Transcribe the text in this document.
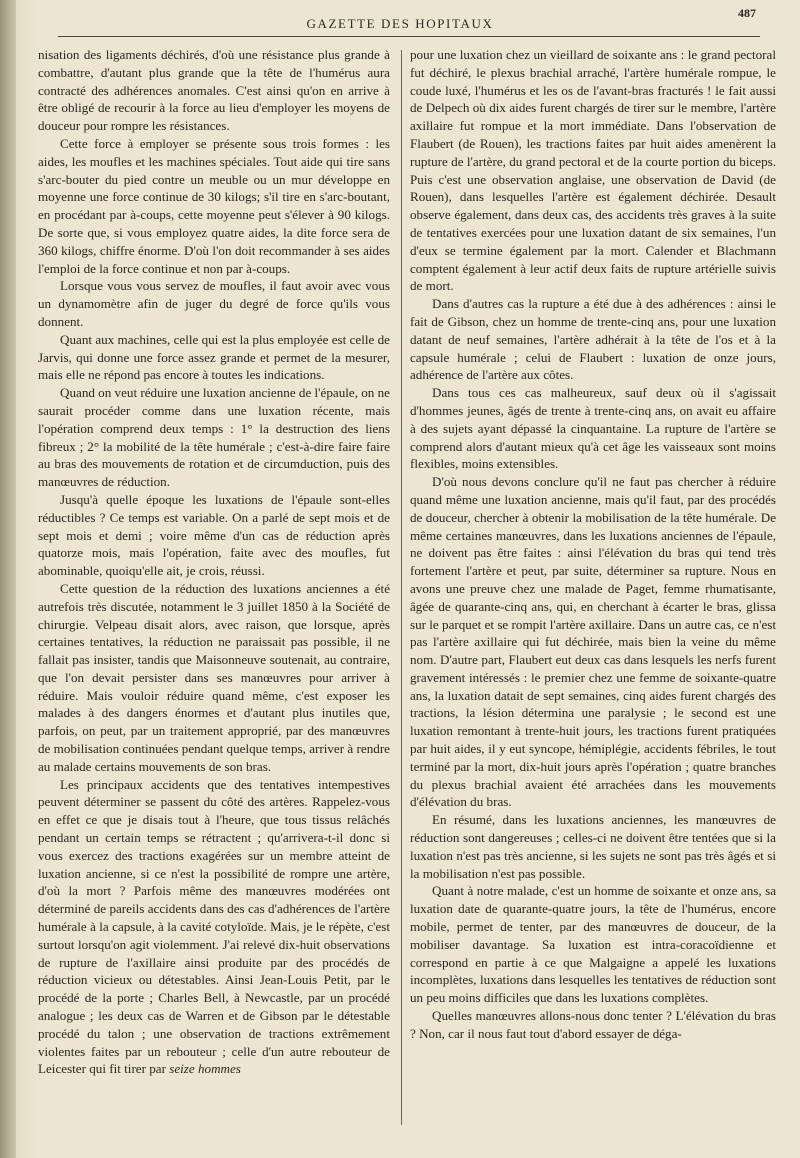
GAZETTE DES HOPITAUX
487

nisation des ligaments déchirés, d'où une résistance plus grande à combattre, d'autant plus grande que la tête de l'humérus aura contracté des adhérences anomales. C'est ainsi qu'on en arrive à être obligé de recourir à la force au lieu d'employer les moyens de douceur pour rompre les résistances.

Cette force à employer se présente sous trois formes : les aides, les moufles et les machines spéciales. Tout aide qui tire sans s'arc-bouter du pied contre un meuble ou un mur développe en moyenne une force continue de 30 kilogs; s'il tire en s'arc-boutant, en procédant par à-coups, cette moyenne peut s'élever à 90 kilogs. De sorte que, si vous employez quatre aides, la dite force sera de 360 kilogs, chiffre énorme. D'où l'on doit recommander à ses aides l'emploi de la force continue et non par à-coups.

Lorsque vous vous servez de moufles, il faut avoir avec vous un dynamomètre afin de juger du degré de force qu'ils vous donnent.

Quant aux machines, celle qui est la plus employée est celle de Jarvis, qui donne une force assez grande et permet de la mesurer, mais elle ne répond pas encore à toutes les indications.

Quand on veut réduire une luxation ancienne de l'épaule, on ne saurait procéder comme dans une luxation récente, mais l'opération comprend deux temps : 1° la destruction des liens fibreux ; 2° la mobilité de la tête humérale ; c'est-à-dire faire faire au bras des mouvements de rotation et de circumduction, puis des manœuvres de réduction.

Jusqu'à quelle époque les luxations de l'épaule sont-elles réductibles ? Ce temps est variable. On a parlé de sept mois et de sept mois et demi ; voire même d'un cas de réduction après quatorze mois, mais l'opération, faite avec des moufles, fut abominable, quoiqu'elle ait, je crois, réussi.

Cette question de la réduction des luxations anciennes a été autrefois très discutée, notamment le 3 juillet 1850 à la Société de chirurgie. Velpeau disait alors, avec raison, que lorsque, après certaines tentatives, la réduction ne paraissait pas possible, il ne fallait pas insister, tandis que Maisonneuve soutenait, au contraire, que l'on devait persister dans ses manœuvres pour arriver à réduire. Mais vouloir réduire quand même, c'est exposer les malades à des dangers énormes et d'autant plus inutiles que, parfois, on peut, par un traitement approprié, par des manœuvres de mobilisation continuées pendant quelque temps, arriver à rendre au malade certains mouvements de son bras.

Les principaux accidents que des tentatives intempestives peuvent déterminer se passent du côté des artères. Rappelez-vous en effet ce que je disais tout à l'heure, que tous tissus relâchés pendant un certain temps se rétractent ; qu'arrivera-t-il donc si vous exercez des tractions exagérées sur un membre atteint de luxation ancienne, si ce n'est la possibilité de rompre une artère, d'où la mort ? Parfois même des manœuvres modérées ont déterminé de pareils accidents dans des cas d'adhérences de l'artère humérale à la capsule, à la cavité cotyloïde. Mais, je le répète, c'est surtout lorsqu'on agit violemment. J'ai relevé dix-huit observations de rupture de l'axillaire ainsi produite par des procédés de réduction vicieux ou détestables. Ainsi Jean-Louis Petit, par le procédé de la porte ; Charles Bell, à Newcastle, par un procédé analogue ; les deux cas de Warren et de Gibson par le détestable procédé du talon ; une observation de tractions extrêmement violentes faites par un rebouteur ; celle d'un autre rebouteur de Leicester qui fit tirer par seize hommes

pour une luxation chez un vieillard de soixante ans : le grand pectoral fut déchiré, le plexus brachial arraché, l'artère humérale rompue, le coude luxé, l'humérus et les os de l'avant-bras fracturés ! le fait aussi de Delpech où dix aides furent chargés de tirer sur le membre, l'artère axillaire fut rompue et la mort immédiate. Dans l'observation de Flaubert (de Rouen), les tractions faites par huit aides amenèrent la rupture de l'artère, du grand pectoral et de la courte portion du biceps. Puis c'est une observation anglaise, une observation de David (de Rouen), dans lesquelles l'artère est également déchirée. Desault observe également, dans deux cas, des accidents très graves à la suite de tentatives exercées pour une luxation datant de six semaines, l'un d'eux se termine également par la mort. Calender et Blachmann comptent également à leur actif deux faits de rupture artérielle suivis de mort.

Dans d'autres cas la rupture a été due à des adhérences : ainsi le fait de Gibson, chez un homme de trente-cinq ans, pour une luxation datant de neuf semaines, l'artère adhérait à la tête de l'os et à la capsule humérale ; celui de Flaubert : luxation de onze jours, adhérence de l'artère aux côtes.

Dans tous ces cas malheureux, sauf deux où il s'agissait d'hommes jeunes, âgés de trente à trente-cinq ans, on avait eu affaire à des sujets ayant dépassé la cinquantaine. La rupture de l'artère se comprend alors d'autant mieux qu'à cet âge les vaisseaux sont moins flexibles, moins extensibles.

D'où nous devons conclure qu'il ne faut pas chercher à réduire quand même une luxation ancienne, mais qu'il faut, par des procédés de douceur, chercher à obtenir la mobilisation de la tête humérale. De même certaines manœuvres, dans les luxations anciennes de l'épaule, ne doivent pas être faites : ainsi l'élévation du bras qui tend très fortement l'artère et peut, par suite, déterminer sa rupture. Nous en avons une preuve chez une malade de Paget, femme rhumatisante, âgée de quarante-cinq ans, qui, en cherchant à écarter le bras, glissa sur le parquet et se rompit l'artère axillaire. Dans un autre cas, ce n'est pas l'artère axillaire qui fut déchirée, mais bien la veine du même nom. D'autre part, Flaubert eut deux cas dans lesquels les nerfs furent gravement intéressés : le premier chez une femme de soixante-quatre ans, la luxation datait de sept semaines, cinq aides furent chargés des tractions, la lésion détermina une paralysie ; le second est une luxation remontant à trente-huit jours, les tractions furent pratiquées par huit aides, il y eut syncope, hémiplégie, accidents fébriles, le tout terminé par la mort, dix-huit jours après l'opération ; quatre branches du plexus brachial avaient été arrachées dans les mouvements d'élévation du bras.

En résumé, dans les luxations anciennes, les manœuvres de réduction sont dangereuses ; celles-ci ne doivent être tentées que si la luxation n'est pas très ancienne, si les sujets ne sont pas très âgés et si la mobilisation n'est pas possible.

Quant à notre malade, c'est un homme de soixante et onze ans, sa luxation date de quarante-quatre jours, la tête de l'humérus, encore mobile, permet de tenter, par des manœuvres de douceur, de la mobiliser davantage. Sa luxation est intra-coracoïdienne et correspond en partie à ce que Malgaigne a appelé les luxations incomplètes, luxations dans lesquelles les tentatives de réduction sont un peu moins difficiles que dans les luxations complètes.

Quelles manœuvres allons-nous donc tenter ? L'élévation du bras ? Non, car il nous faut tout d'abord essayer de déga-
